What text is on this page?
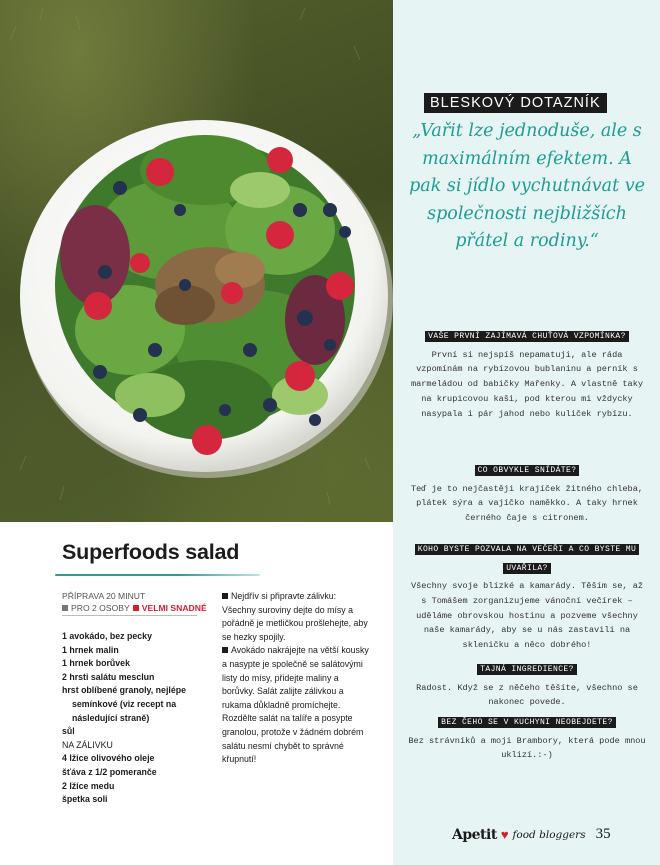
BLESKOVÝ DOTAZNÍK
„Vařit lze jednoduše, ale s maximálním efektem. A pak si jídlo vychutnávat ve společnosti nejbližších přátel a rodiny.“
VAŠE PRVNÍ ZAJÍMAVÁ CHUŤOVÁ VZPOMÍNKA?
První si nejspíš nepamatuji, ale ráda vzpomínám na rybízovou bublaninu a perník s marmeládou od babičky Mařenky. A vlastně taky na krupicovou kaši, pod kterou mi vždycky nasypala i pár jahod nebo kuliček rybízu.
CO OBVYKLE SNÍDÁTE?
Teď je to nejčastěji krajíček žitného chleba, plátek sýra a vajíčko naměkko. A taky hrnek černého čaje s citronem.
KOHO BYSTE POZVALA NA VEČEŘI A CO BYSTE MU UVAŘILA?
Všechny svoje blízké a kamarády. Těším se, až s Tomášem zorganizujeme vánoční večírek – uděláme obrovskou hostinu a pozveme všechny naše kamarády, aby se u nás zastavili na skleničku a něco dobrého!
TAJNÁ INGREDIENCE?
Radost. Když se z něčeho těšíte, všechno se nakonec povede.
BEZ ČEHO SE V KUCHYNI NEOBEJDETE?
Bez strávníků a moji Brambory, která pode mnou uklizí.:-)
Superfoods salad
PŘÍPRAVA 20 MINUT
PRO 2 OSOBY VELMI SNADNÉ
1 avokádo, bez pecky
1 hrnek malin
1 hrnek borůvek
2 hrsti salátu mesclun
hrst oblíbené granoly, nejlépe
semínkové (viz recept na
následující straně)
sůl
NA ZÁLIVKU
4 lžíce olivového oleje
šťáva z 1/2 pomeranče
2 lžíce medu
špetka soli

Nejdřív si připravte zálivku: Všechny suroviny dejte do mísy a pořádně je metličkou prošlehejte, aby se hezky spojily.

Avokádo nakrájejte na větší kousky a nasypte je společně se salátovými listy do mísy, přidejte maliny a borůvky. Salát zalijte zálivkou a rukama důkladně promíchejte. Rozdělte salát na talíře a posypte granolou, protože v žádném dobrém salátu nesmí chybět to správné křupnutí!

Apetit ♥ food bloggers 35
